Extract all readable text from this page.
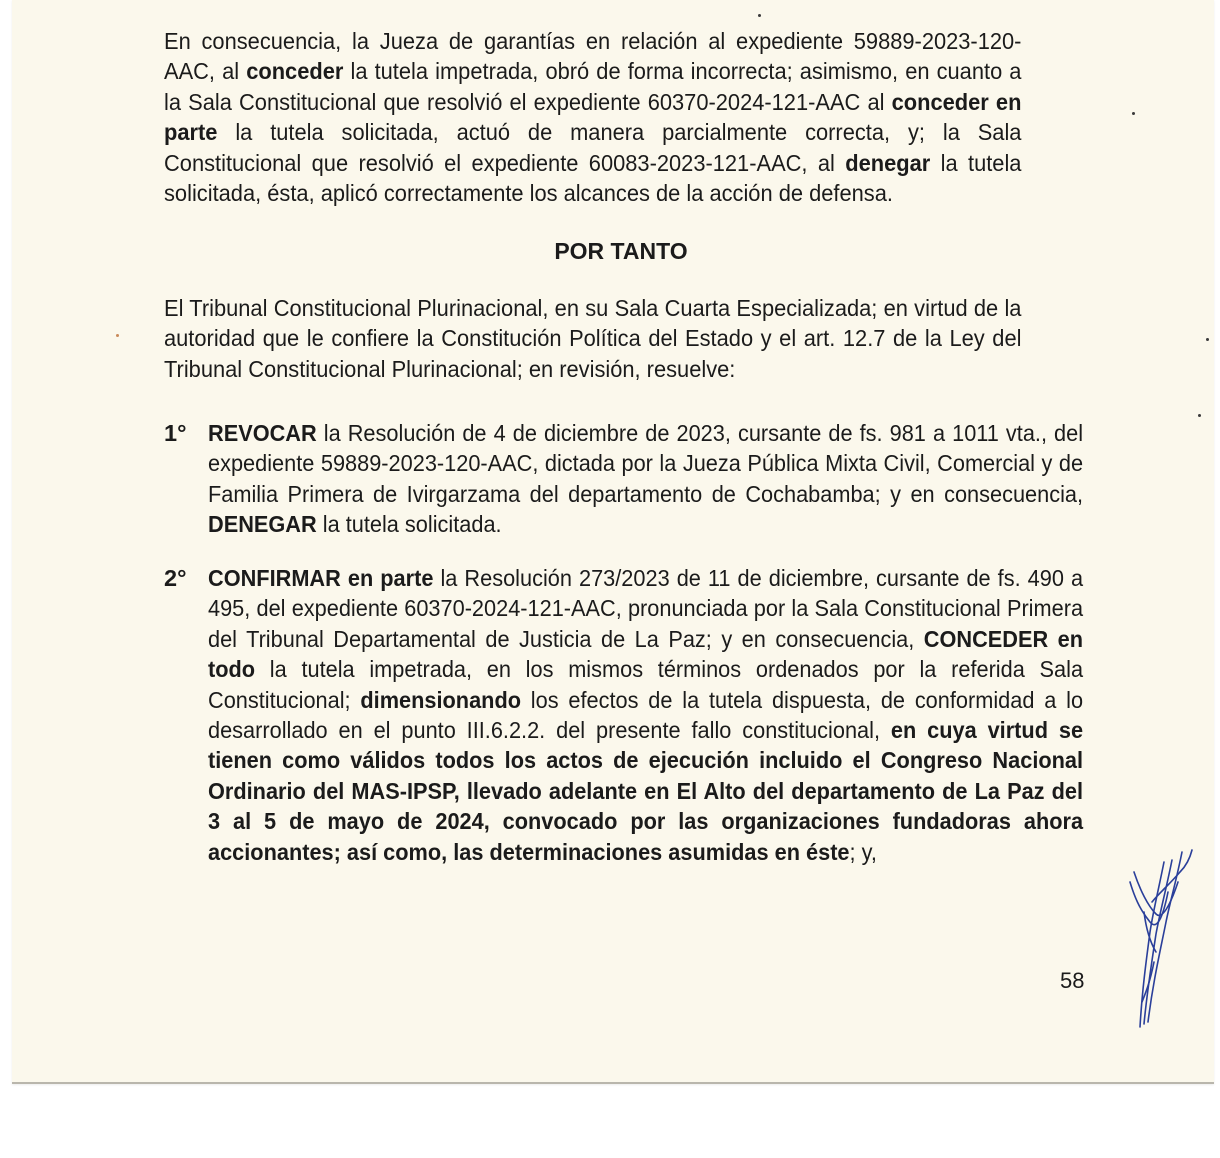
En consecuencia, la Jueza de garantías en relación al expediente 59889-2023-120-AAC, al conceder la tutela impetrada, obró de forma incorrecta; asimismo, en cuanto a la Sala Constitucional que resolvió el expediente 60370-2024-121-AAC al conceder en parte la tutela solicitada, actuó de manera parcialmente correcta, y; la Sala Constitucional que resolvió el expediente 60083-2023-121-AAC, al denegar la tutela solicitada, ésta, aplicó correctamente los alcances de la acción de defensa.
POR TANTO
El Tribunal Constitucional Plurinacional, en su Sala Cuarta Especializada; en virtud de la autoridad que le confiere la Constitución Política del Estado y el art. 12.7 de la Ley del Tribunal Constitucional Plurinacional; en revisión, resuelve:
1° REVOCAR la Resolución de 4 de diciembre de 2023, cursante de fs. 981 a 1011 vta., del expediente 59889-2023-120-AAC, dictada por la Jueza Pública Mixta Civil, Comercial y de Familia Primera de Ivirgarzama del departamento de Cochabamba; y en consecuencia, DENEGAR la tutela solicitada.
2° CONFIRMAR en parte la Resolución 273/2023 de 11 de diciembre, cursante de fs. 490 a 495, del expediente 60370-2024-121-AAC, pronunciada por la Sala Constitucional Primera del Tribunal Departamental de Justicia de La Paz; y en consecuencia, CONCEDER en todo la tutela impetrada, en los mismos términos ordenados por la referida Sala Constitucional; dimensionando los efectos de la tutela dispuesta, de conformidad a lo desarrollado en el punto III.6.2.2. del presente fallo constitucional, en cuya virtud se tienen como válidos todos los actos de ejecución incluido el Congreso Nacional Ordinario del MAS-IPSP, llevado adelante en El Alto del departamento de La Paz del 3 al 5 de mayo de 2024, convocado por las organizaciones fundadoras ahora accionantes; así como, las determinaciones asumidas en éste; y,
58
